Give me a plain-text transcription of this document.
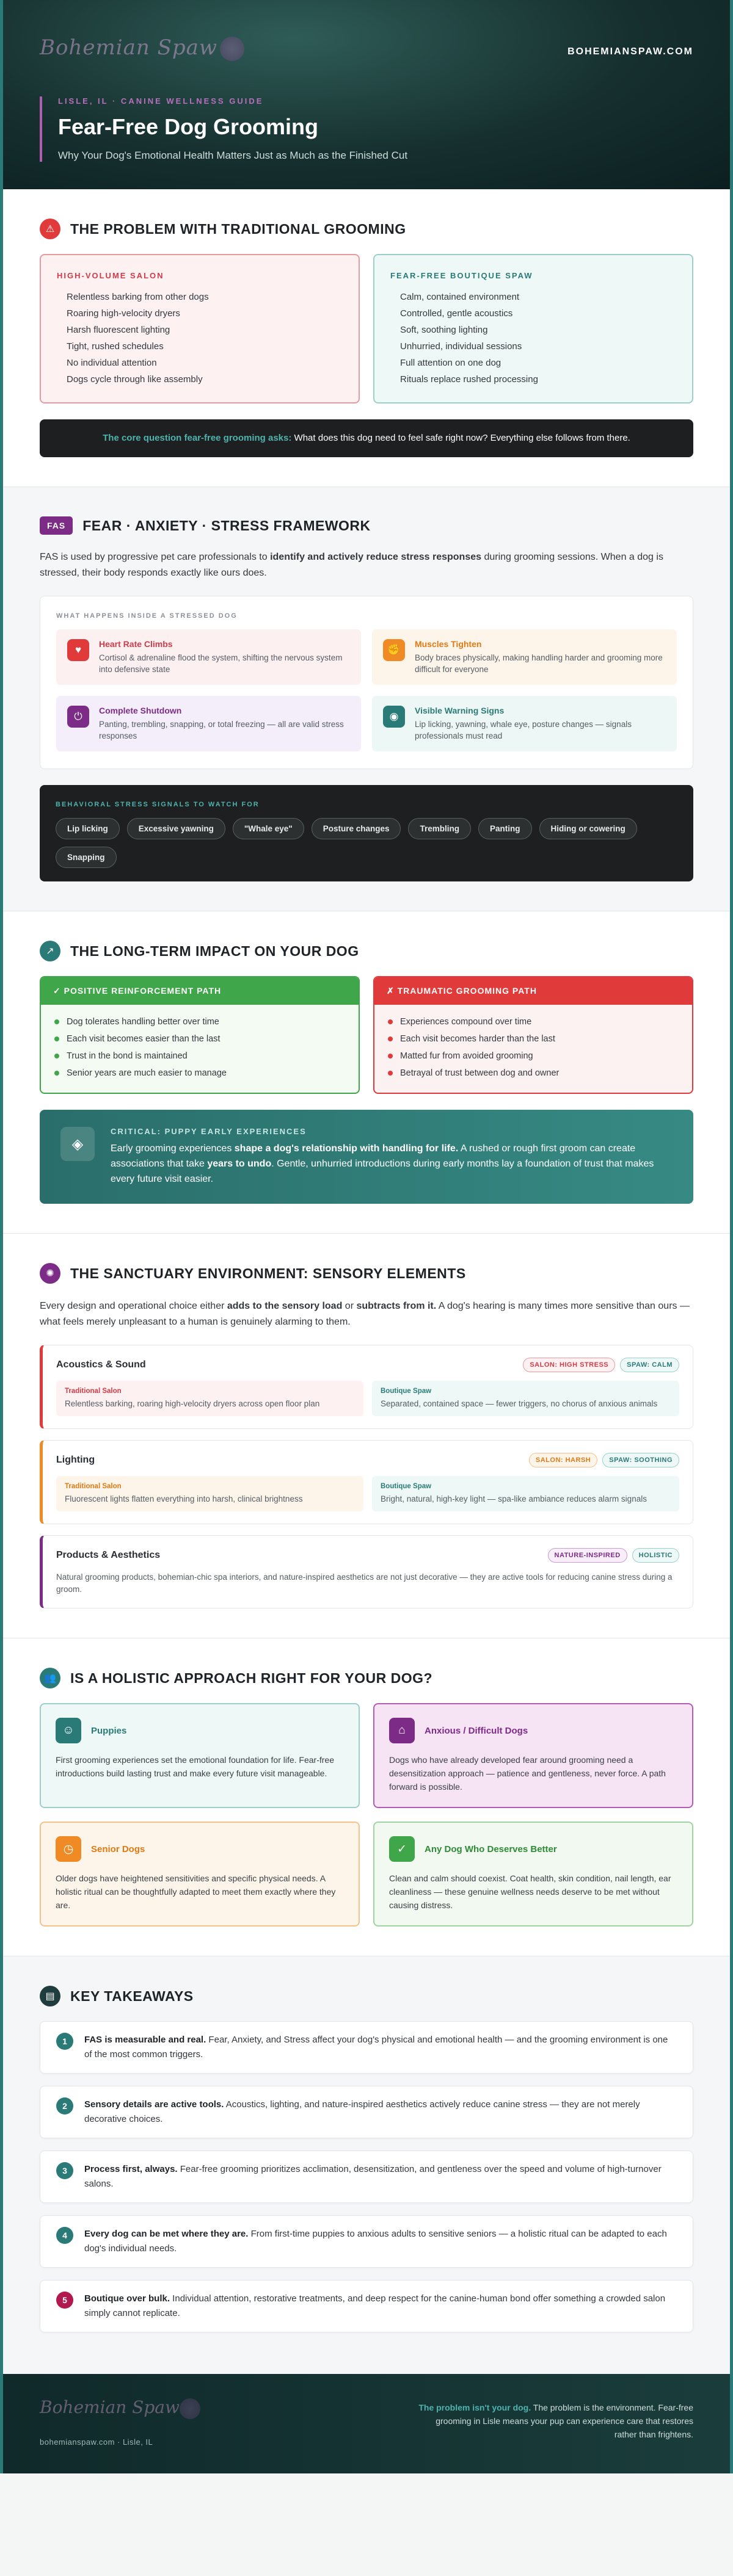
Bohemian Spaw	BOHEMIANSPAW.COM
LISLE, IL · CANINE WELLNESS GUIDE
Fear-Free Dog Grooming
Why Your Dog's Emotional Health Matters Just as Much as the Finished Cut
⚠	THE PROBLEM WITH TRADITIONAL GROOMING
HIGH-VOLUME SALON
Relentless barking from other dogs
Roaring high-velocity dryers
Harsh fluorescent lighting
Tight, rushed schedules
No individual attention
Dogs cycle through like assembly
FEAR-FREE BOUTIQUE SPAW
Calm, contained environment
Controlled, gentle acoustics
Soft, soothing lighting
Unhurried, individual sessions
Full attention on one dog
Rituals replace rushed processing
The core question fear-free grooming asks: What does this dog need to feel safe right now? Everything else follows from there.
FAS	FEAR · ANXIETY · STRESS FRAMEWORK

FAS is used by progressive pet care professionals to identify and actively reduce stress responses during grooming sessions. When a dog is stressed, their body responds exactly like ours does.

WHAT HAPPENS INSIDE A STRESSED DOG
♥	Heart Rate Climbs

Cortisol & adrenaline flood the system, shifting the nervous system into defensive state

✊	Muscles Tighten

Body braces physically, making handling harder and grooming more difficult for everyone

⏻	Complete Shutdown

Panting, trembling, snapping, or total freezing — all are valid stress responses

◉	Visible Warning Signs

Lip licking, yawning, whale eye, posture changes — signals professionals must read

BEHAVIORAL STRESS SIGNALS TO WATCH FOR
Lip licking	Excessive yawning	"Whale eye"	Posture changes	Trembling	Panting	Hiding or cowering
Snapping
↗	THE LONG-TERM IMPACT ON YOUR DOG
✓ POSITIVE REINFORCEMENT PATH
Dog tolerates handling better over time
Each visit becomes easier than the last
Trust in the bond is maintained
Senior years are much easier to manage
✗ TRAUMATIC GROOMING PATH
Experiences compound over time
Each visit becomes harder than the last
Matted fur from avoided grooming
Betrayal of trust between dog and owner
◈
CRITICAL: PUPPY EARLY EXPERIENCES

Early grooming experiences shape a dog's relationship with handling for life. A rushed or rough first groom can create associations that take years to undo. Gentle, unhurried introductions during early months lay a foundation of trust that makes every future visit easier.

✺	THE SANCTUARY ENVIRONMENT: SENSORY ELEMENTS

Every design and operational choice either adds to the sensory load or subtracts from it. A dog's hearing is many times more sensitive than ours — what feels merely unpleasant to a human is genuinely alarming to them.

Acoustics & Sound	SALON: HIGH STRESS	SPAW: CALM
Traditional Salon

Relentless barking, roaring high-velocity dryers across open floor plan

Boutique Spaw

Separated, contained space — fewer triggers, no chorus of anxious animals

Lighting	SALON: HARSH	SPAW: SOOTHING
Traditional Salon

Fluorescent lights flatten everything into harsh, clinical brightness

Boutique Spaw

Bright, natural, high-key light — spa-like ambiance reduces alarm signals

Products & Aesthetics	NATURE-INSPIRED	HOLISTIC

Natural grooming products, bohemian-chic spa interiors, and nature-inspired aesthetics are not just decorative — they are active tools for reducing canine stress during a groom.

👥	IS A HOLISTIC APPROACH RIGHT FOR YOUR DOG?
☺	Puppies

First grooming experiences set the emotional foundation for life. Fear-free introductions build lasting trust and make every future visit manageable.

⌂	Anxious / Difficult Dogs

Dogs who have already developed fear around grooming need a desensitization approach — patience and gentleness, never force. A path forward is possible.

◷	Senior Dogs

Older dogs have heightened sensitivities and specific physical needs. A holistic ritual can be thoughtfully adapted to meet them exactly where they are.

✓	Any Dog Who Deserves Better

Clean and calm should coexist. Coat health, skin condition, nail length, ear cleanliness — these genuine wellness needs deserve to be met without causing distress.

▤	KEY TAKEAWAYS
1	FAS is measurable and real. Fear, Anxiety, and Stress affect your dog's physical and emotional health — and the grooming environment is one of the most common triggers.

2	Sensory details are active tools. Acoustics, lighting, and nature-inspired aesthetics actively reduce canine stress — they are not merely decorative choices.

3	Process first, always. Fear-free grooming prioritizes acclimation, desensitization, and gentleness over the speed and volume of high-turnover salons.

4	Every dog can be met where they are. From first-time puppies to anxious adults to sensitive seniors — a holistic ritual can be adapted to each dog's individual needs.

5	Boutique over bulk. Individual attention, restorative treatments, and deep respect for the canine-human bond offer something a crowded salon simply cannot replicate.

Bohemian Spaw
bohemianspaw.com · Lisle, IL
The problem isn't your dog. The problem is the environment. Fear-free grooming in Lisle means your pup can experience care that restores rather than frightens.
